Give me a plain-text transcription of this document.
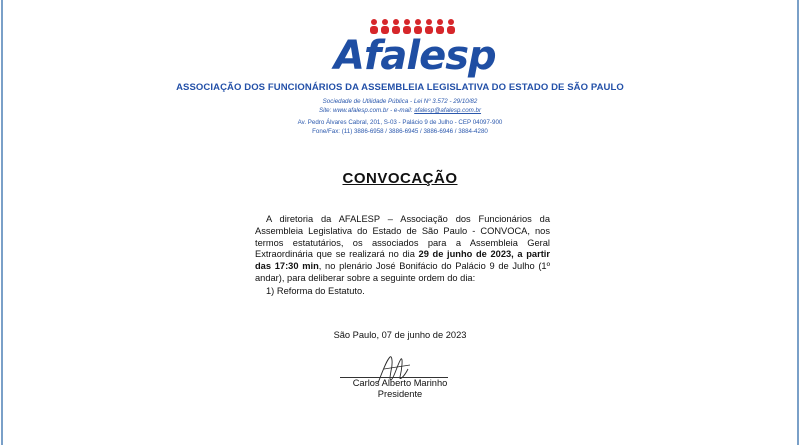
Afalesp
ASSOCIAÇÃO DOS FUNCIONÁRIOS DA ASSEMBLEIA LEGISLATIVA DO ESTADO DE SÃO PAULO
Sociedade de Utilidade Pública - Lei Nº 3.572 - 29/10/82
Site: www.afalesp.com.br - e-mail: afalesp@afalesp.com.br
Av. Pedro Álvares Cabral, 201, S-03 - Palácio 9 de Julho - CEP 04097-900
Fone/Fax: (11) 3886-6958 / 3886-6945 / 3886-6946 / 3884-4280
CONVOCAÇÃO
A diretoria da AFALESP – Associação dos Funcionários da Assembleia Legislativa do Estado de São Paulo - CONVOCA, nos termos estatutários, os associados para a Assembleia Geral Extraordinária que se realizará no dia 29 de junho de 2023, a partir das 17:30 min, no plenário José Bonifácio do Palácio 9 de Julho (1º andar), para deliberar sobre a seguinte ordem do dia:
1) Reforma do Estatuto.
São Paulo, 07 de junho de 2023
Carlos Alberto Marinho
Presidente
